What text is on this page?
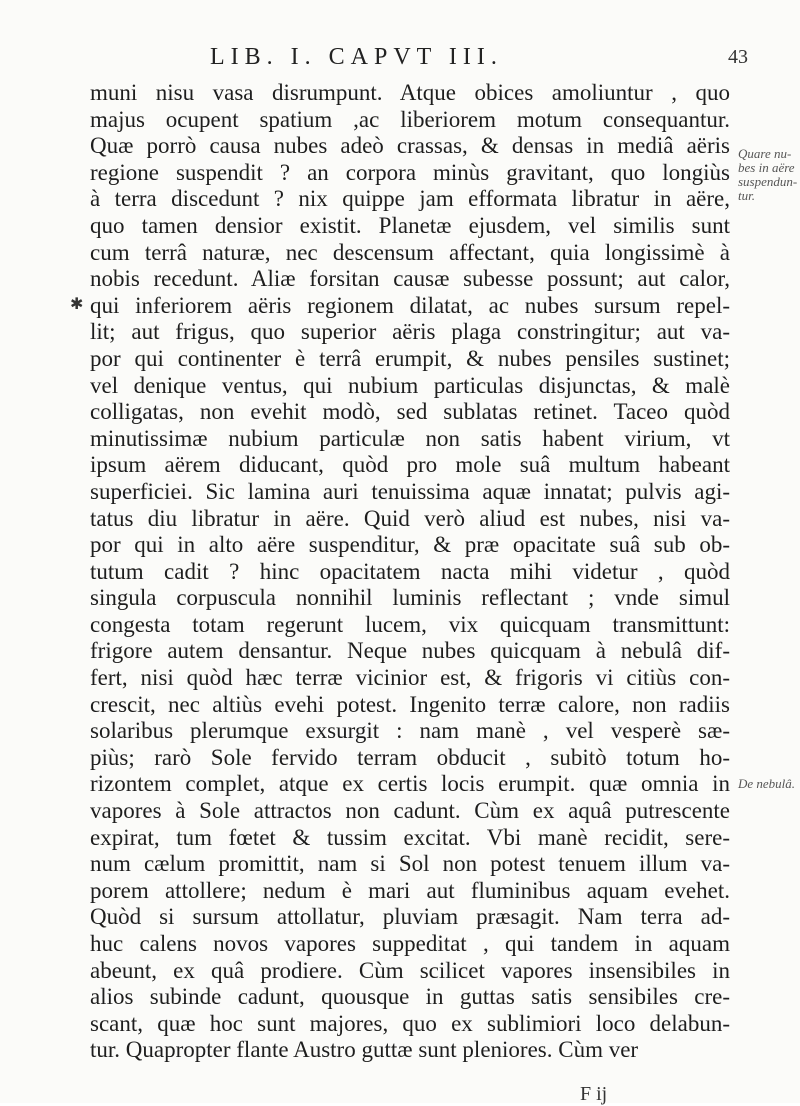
LIB. I. CAPVT III.	43
✱
muni nisu vasa disrumpunt. Atque obices amoliuntur , quo
majus ocupent spatium ,ac liberiorem motum consequantur.
Quæ porrò causa nubes adeò crassas, & densas in mediâ aëris
regione suspendit ? an corpora minùs gravitant, quo longiùs
à terra discedunt ? nix quippe jam efformata libratur in aëre,
quo tamen densior existit. Planetæ ejusdem, vel similis sunt
cum terrâ naturæ, nec descensum affectant, quia longissimè à
nobis recedunt. Aliæ forsitan causæ subesse possunt; aut calor,
qui inferiorem aëris regionem dilatat, ac nubes sursum repel-
lit; aut frigus, quo superior aëris plaga constringitur; aut va-
por qui continenter è terrâ erumpit, & nubes pensiles sustinet;
vel denique ventus, qui nubium particulas disjunctas, & malè
colligatas, non evehit modò, sed sublatas retinet. Taceo quòd
minutissimæ nubium particulæ non satis habent virium, vt
ipsum aërem diducant, quòd pro mole suâ multum habeant
superficiei. Sic lamina auri tenuissima aquæ innatat; pulvis agi-
tatus diu libratur in aëre. Quid verò aliud est nubes, nisi va-
por qui in alto aëre suspenditur, & præ opacitate suâ sub ob-
tutum cadit ? hinc opacitatem nacta mihi videtur , quòd
singula corpuscula nonnihil luminis reflectant ; vnde simul
congesta totam regerunt lucem, vix quicquam transmittunt:
frigore autem densantur. Neque nubes quicquam à nebulâ dif-
fert, nisi quòd hæc terræ vicinior est, & frigoris vi citiùs con-
crescit, nec altiùs evehi potest. Ingenito terræ calore, non radiis
solaribus plerumque exsurgit : nam manè , vel vesperè sæ-
piùs; rarò Sole fervido terram obducit , subitò totum ho-
rizontem complet, atque ex certis locis erumpit. quæ omnia in
vapores à Sole attractos non cadunt. Cùm ex aquâ putrescente
expirat, tum fœtet & tussim excitat. Vbi manè recidit, sere-
num cælum promittit, nam si Sol non potest tenuem illum va-
porem attollere; nedum è mari aut fluminibus aquam evehet.
Quòd si sursum attollatur, pluviam præsagit. Nam terra ad-
huc calens novos vapores suppeditat , qui tandem in aquam
abeunt, ex quâ prodiere. Cùm scilicet vapores insensibiles in
alios subinde cadunt, quousque in guttas satis sensibiles cre-
scant, quæ hoc sunt majores, quo ex sublimiori loco delabun-
tur. Quapropter flante Austro guttæ sunt pleniores. Cùm ver
Quare nu-
bes in aëre
suspendun-
tur.
De nebulâ.
F ij
